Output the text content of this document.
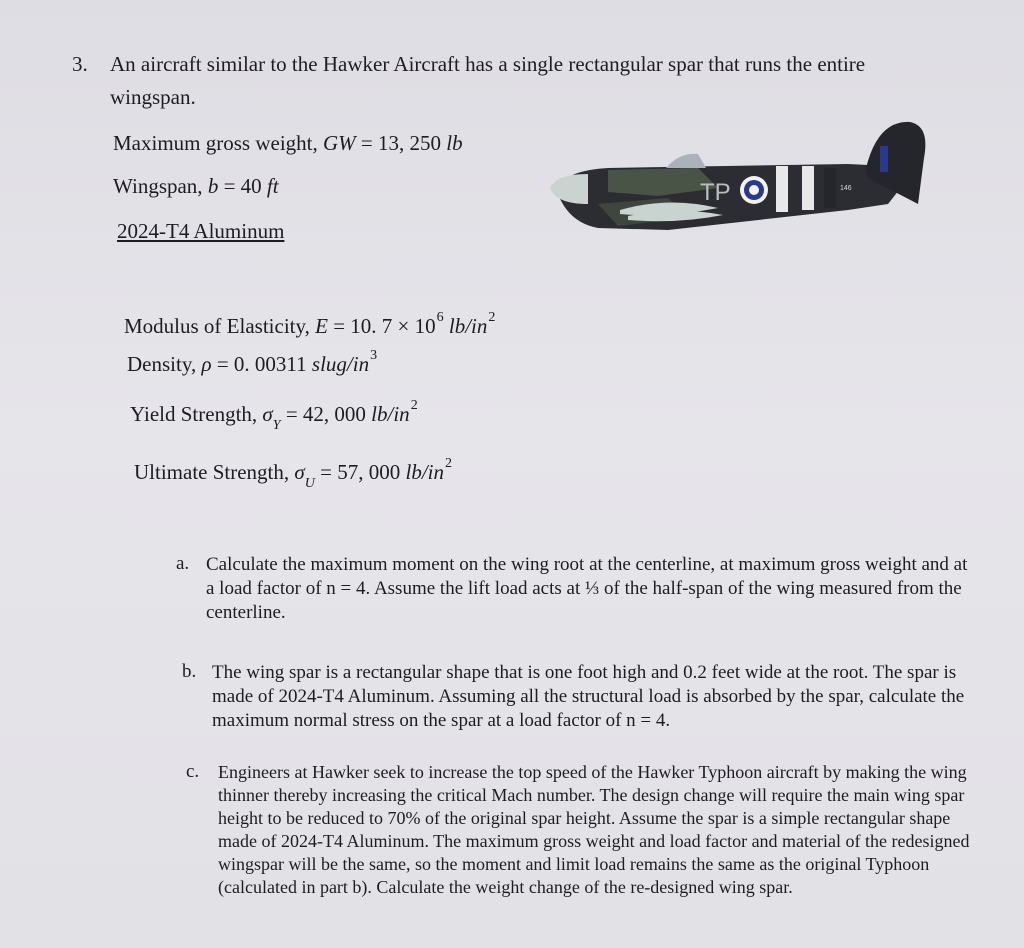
3. An aircraft similar to the Hawker Aircraft has a single rectangular spar that runs the entire
wingspan.
Maximum gross weight, GW = 13, 250 lb
Wingspan, b = 40 ft
2024-T4 Aluminum
TP	146
Modulus of Elasticity, E = 10. $7 \times 10^6$ $lb/in^2$
Density, ρ = 0. 00311 slug/$in^3$
Yield Strength, $\sigma_Y = 42$, 000 $lb/in^2$
Ultimate Strength, $\sigma_U = 57$, 000 $lb/in^2$
a. Calculate the maximum moment on the wing root at the centerline, at maximum gross weight and at a load factor of n = 4. Assume the lift load acts at ⅓ of the half-span of the wing measured from the centerline.
b. The wing spar is a rectangular shape that is one foot high and 0.2 feet wide at the root. The spar is made of 2024-T4 Aluminum. Assuming all the structural load is absorbed by the spar, calculate the maximum normal stress on the spar at a load factor of n = 4.
c. Engineers at Hawker seek to increase the top speed of the Hawker Typhoon aircraft by making the wing thinner thereby increasing the critical Mach number. The design change will require the main wing spar height to be reduced to 70% of the original spar height. Assume the spar is a simple rectangular shape made of 2024-T4 Aluminum. The maximum gross weight and load factor and material of the redesigned wingspar will be the same, so the moment and limit load remains the same as the original Typhoon (calculated in part b). Calculate the weight change of the re-designed wing spar.
